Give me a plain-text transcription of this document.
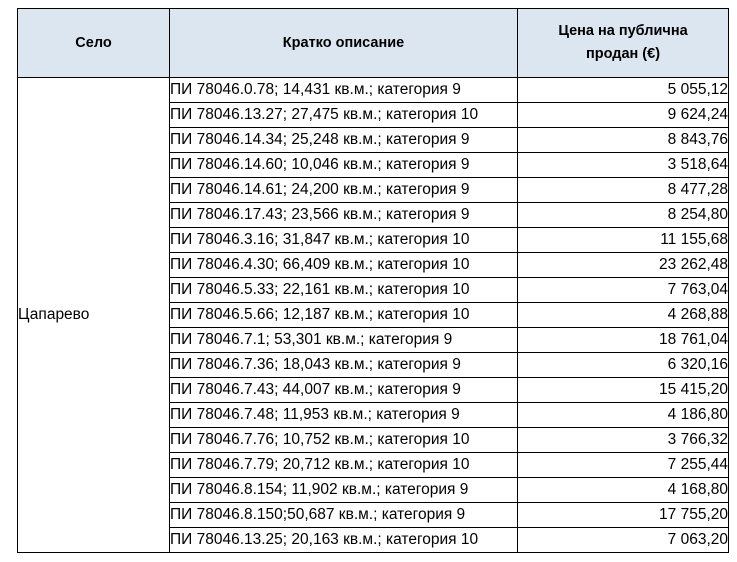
Село	Кратко описание	Цена на публична продан (€)
Цапарево	ПИ 78046.0.78; 14,431 кв.м.; категория 9	5 055,12
	ПИ 78046.13.27; 27,475 кв.м.; категория 10	9 624,24
	ПИ 78046.14.34; 25,248 кв.м.; категория 9	8 843,76
	ПИ 78046.14.60; 10,046 кв.м.; категория 9	3 518,64
	ПИ 78046.14.61; 24,200 кв.м.; категория 9	8 477,28
	ПИ 78046.17.43; 23,566 кв.м.; категория 9	8 254,80
	ПИ 78046.3.16; 31,847 кв.м.; категория 10	11 155,68
	ПИ 78046.4.30; 66,409 кв.м.; категория 10	23 262,48
	ПИ 78046.5.33; 22,161 кв.м.; категория 10	7 763,04
	ПИ 78046.5.66; 12,187 кв.м.; категория 10	4 268,88
	ПИ 78046.7.1; 53,301 кв.м.; категория 9	18 761,04
	ПИ 78046.7.36; 18,043 кв.м.; категория 9	6 320,16
	ПИ 78046.7.43; 44,007 кв.м.; категория 9	15 415,20
	ПИ 78046.7.48; 11,953 кв.м.; категория 9	4 186,80
	ПИ 78046.7.76; 10,752 кв.м.; категория 10	3 766,32
	ПИ 78046.7.79; 20,712 кв.м.; категория 10	7 255,44
	ПИ 78046.8.154; 11,902 кв.м.; категория 9	4 168,80
	ПИ 78046.8.150;50,687 кв.м.; категория 9	17 755,20
	ПИ 78046.13.25; 20,163 кв.м.; категория 10	7 063,20
